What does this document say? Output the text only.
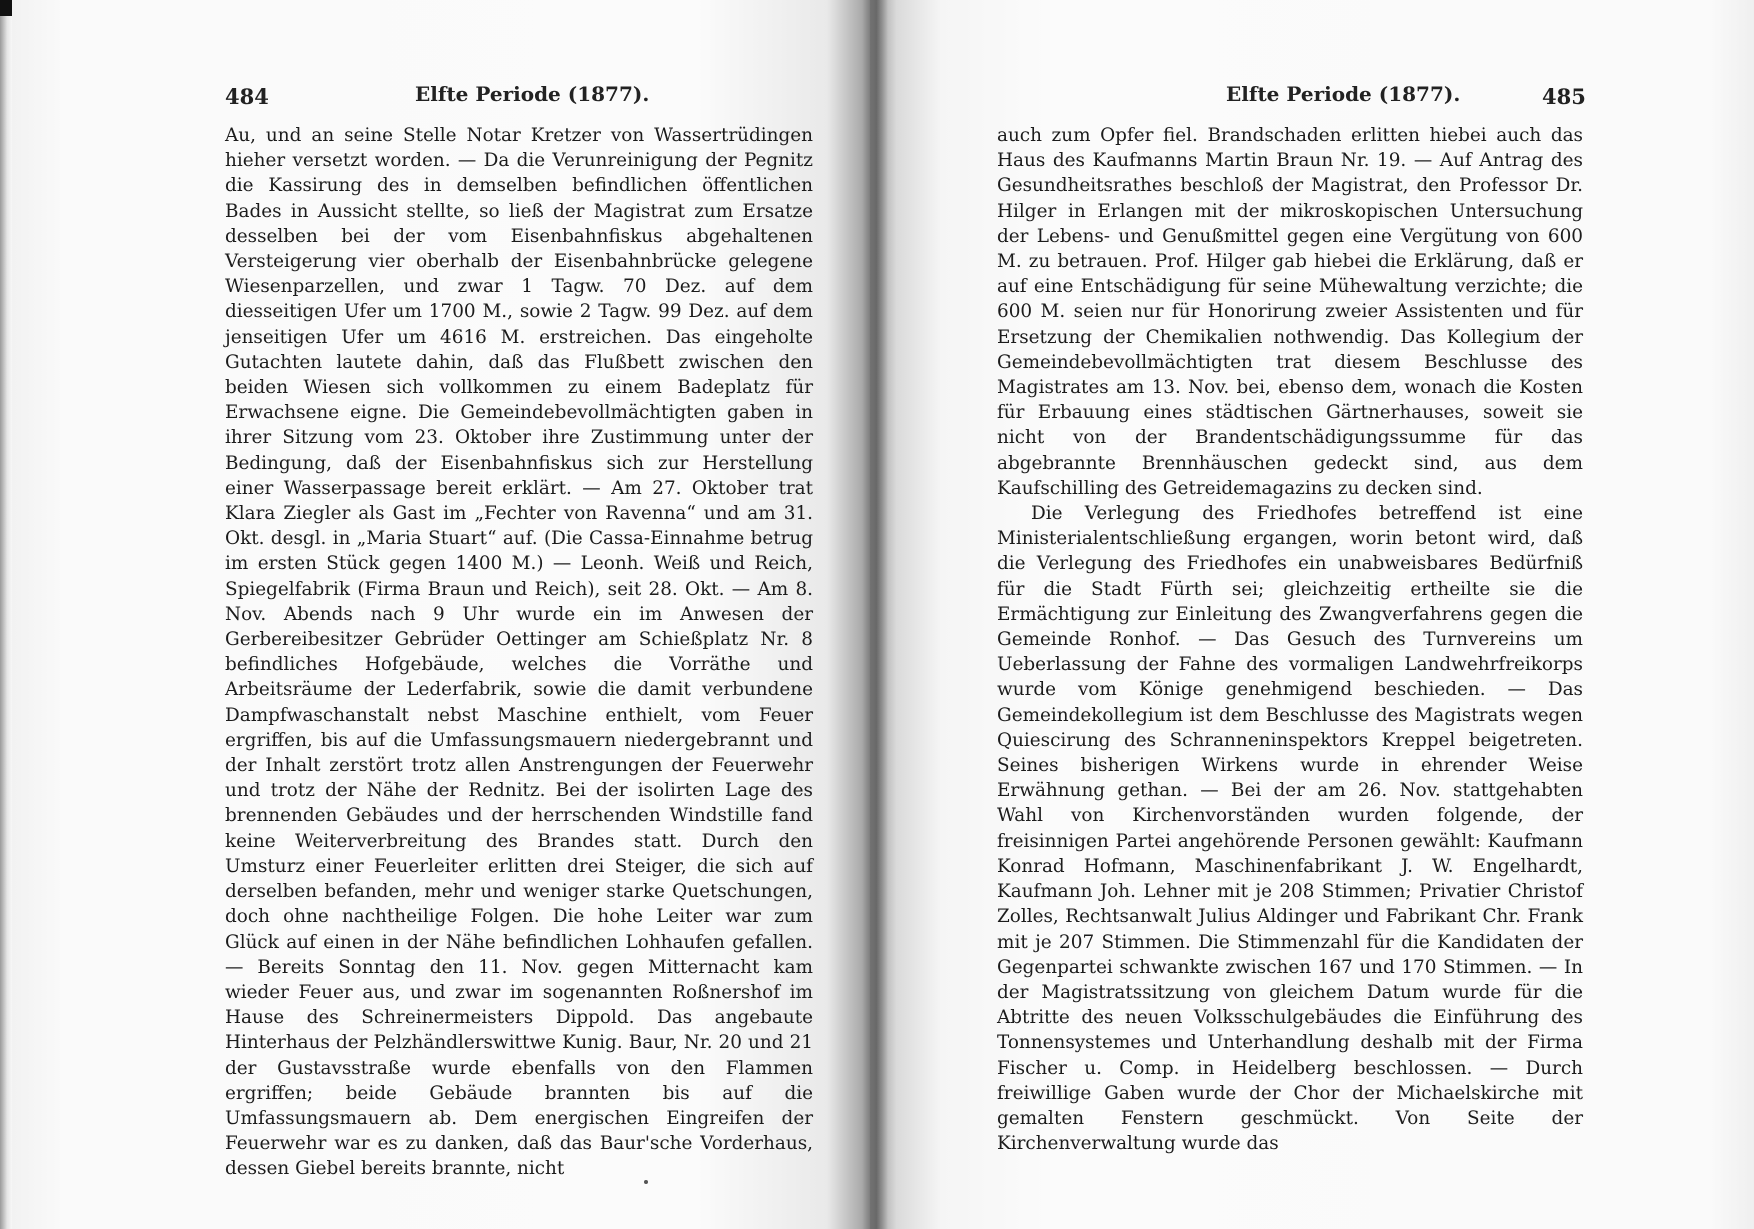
484	Elfte Periode (1877).

Au, und an seine Stelle Notar Kretzer von Wassertrüdingen hieher versetzt worden. — Da die Verunreinigung der Pegnitz die Kassirung des in demselben befindlichen öffentlichen Bades in Aussicht stellte, so ließ der Magistrat zum Ersatze desselben bei der vom Eisenbahnfiskus abgehaltenen Versteigerung vier oberhalb der Eisenbahnbrücke gelegene Wiesenparzellen, und zwar 1 Tagw. 70 Dez. auf dem diesseitigen Ufer um 1700 M., sowie 2 Tagw. 99 Dez. auf dem jenseitigen Ufer um 4616 M. erstreichen. Das eingeholte Gutachten lautete dahin, daß das Flußbett zwischen den beiden Wiesen sich vollkommen zu einem Badeplatz für Erwachsene eigne. Die Gemeindebevollmächtigten gaben in ihrer Sitzung vom 23. Oktober ihre Zustimmung unter der Bedingung, daß der Eisenbahnfiskus sich zur Herstellung einer Wasserpassage bereit erklärt. — Am 27. Oktober trat Klara Ziegler als Gast im „Fechter von Ravenna“ und am 31. Okt. desgl. in „Maria Stuart“ auf. (Die Cassa-Einnahme betrug im ersten Stück gegen 1400 M.) — Leonh. Weiß und Reich, Spiegelfabrik (Firma Braun und Reich), seit 28. Okt. — Am 8. Nov. Abends nach 9 Uhr wurde ein im Anwesen der Gerbereibesitzer Gebrüder Oettinger am Schießplatz Nr. 8 befindliches Hofgebäude, welches die Vorräthe und Arbeitsräume der Lederfabrik, sowie die damit verbundene Dampfwaschanstalt nebst Maschine enthielt, vom Feuer ergriffen, bis auf die Umfassungsmauern niedergebrannt und der Inhalt zerstört trotz allen Anstrengungen der Feuerwehr und trotz der Nähe der Rednitz. Bei der isolirten Lage des brennenden Gebäudes und der herrschenden Windstille fand keine Weiterverbreitung des Brandes statt. Durch den Umsturz einer Feuerleiter erlitten drei Steiger, die sich auf derselben befanden, mehr und weniger starke Quetschungen, doch ohne nachtheilige Folgen. Die hohe Leiter war zum Glück auf einen in der Nähe befindlichen Lohhaufen gefallen. — Bereits Sonntag den 11. Nov. gegen Mitternacht kam wieder Feuer aus, und zwar im sogenannten Roßnershof im Hause des Schreinermeisters Dippold. Das angebaute Hinterhaus der Pelzhändlerswittwe Kunig. Baur, Nr. 20 und 21 der Gustavsstraße wurde ebenfalls von den Flammen ergriffen; beide Gebäude brannten bis auf die Umfassungsmauern ab. Dem energischen Eingreifen der Feuerwehr war es zu danken, daß das Baur'sche Vorderhaus, dessen Giebel bereits brannte, nicht

Elfte Periode (1877).	485

auch zum Opfer fiel. Brandschaden erlitten hiebei auch das Haus des Kaufmanns Martin Braun Nr. 19. — Auf Antrag des Gesundheitsrathes beschloß der Magistrat, den Professor Dr. Hilger in Erlangen mit der mikroskopischen Untersuchung der Lebens- und Genußmittel gegen eine Vergütung von 600 M. zu betrauen. Prof. Hilger gab hiebei die Erklärung, daß er auf eine Entschädigung für seine Mühewaltung verzichte; die 600 M. seien nur für Honorirung zweier Assistenten und für Ersetzung der Chemikalien nothwendig. Das Kollegium der Gemeindebevollmächtigten trat diesem Beschlusse des Magistrates am 13. Nov. bei, ebenso dem, wonach die Kosten für Erbauung eines städtischen Gärtnerhauses, soweit sie nicht von der Brandentschädigungssumme für das abgebrannte Brennhäuschen gedeckt sind, aus dem Kaufschilling des Getreidemagazins zu decken sind.

Die Verlegung des Friedhofes betreffend ist eine Ministerialentschließung ergangen, worin betont wird, daß die Verlegung des Friedhofes ein unabweisbares Bedürfniß für die Stadt Fürth sei; gleichzeitig ertheilte sie die Ermächtigung zur Einleitung des Zwangverfahrens gegen die Gemeinde Ronhof. — Das Gesuch des Turnvereins um Ueberlassung der Fahne des vormaligen Landwehrfreikorps wurde vom Könige genehmigend beschieden. — Das Gemeindekollegium ist dem Beschlusse des Magistrats wegen Quiescirung des Schranneninspektors Kreppel beigetreten. Seines bisherigen Wirkens wurde in ehrender Weise Erwähnung gethan. — Bei der am 26. Nov. stattgehabten Wahl von Kirchenvorständen wurden folgende, der freisinnigen Partei angehörende Personen gewählt: Kaufmann Konrad Hofmann, Maschinenfabrikant J. W. Engelhardt, Kaufmann Joh. Lehner mit je 208 Stimmen; Privatier Christof Zolles, Rechtsanwalt Julius Aldinger und Fabrikant Chr. Frank mit je 207 Stimmen. Die Stimmenzahl für die Kandidaten der Gegenpartei schwankte zwischen 167 und 170 Stimmen. — In der Magistratssitzung von gleichem Datum wurde für die Abtritte des neuen Volksschulgebäudes die Einführung des Tonnensystemes und Unterhandlung deshalb mit der Firma Fischer u. Comp. in Heidelberg beschlossen. — Durch freiwillige Gaben wurde der Chor der Michaelskirche mit gemalten Fenstern geschmückt. Von Seite der Kirchenverwaltung wurde das
